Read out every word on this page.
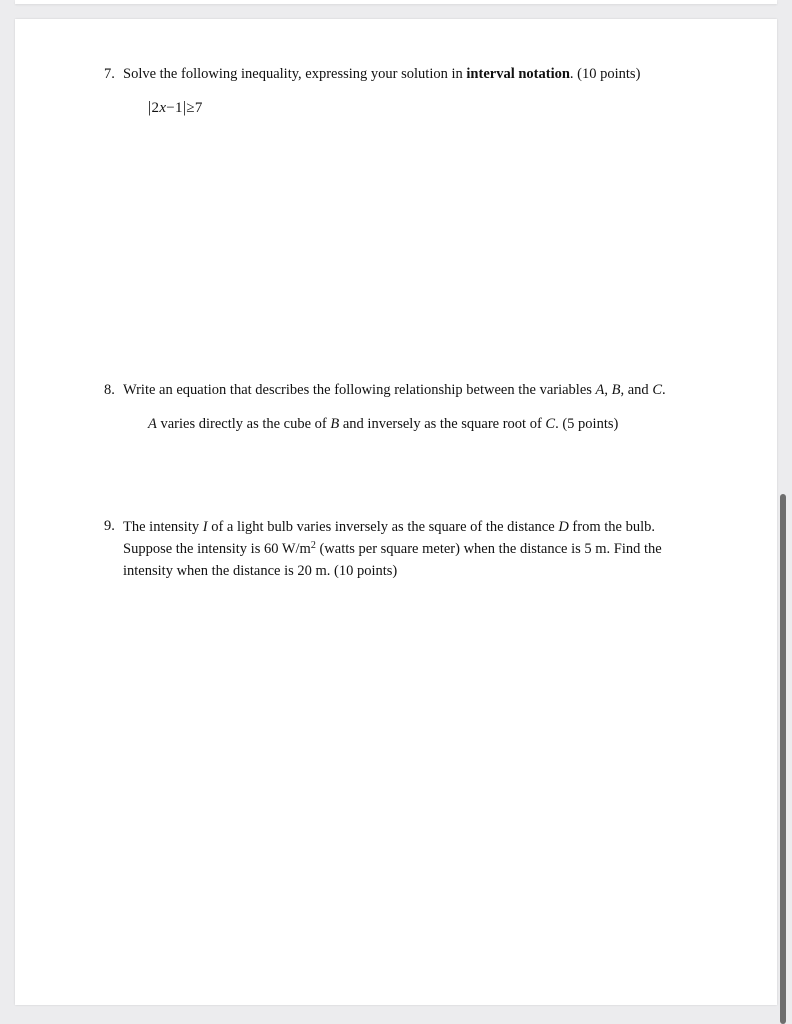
7. Solve the following inequality, expressing your solution in interval notation. (10 points)
|2x−1|≥7
8. Write an equation that describes the following relationship between the variables A, B, and C.
A varies directly as the cube of B and inversely as the square root of C. (5 points)
9. The intensity I of a light bulb varies inversely as the square of the distance D from the bulb. Suppose the intensity is 60 $W/m^2$ (watts per square meter) when the distance is 5 m. Find the intensity when the distance is 20 m. (10 points)
